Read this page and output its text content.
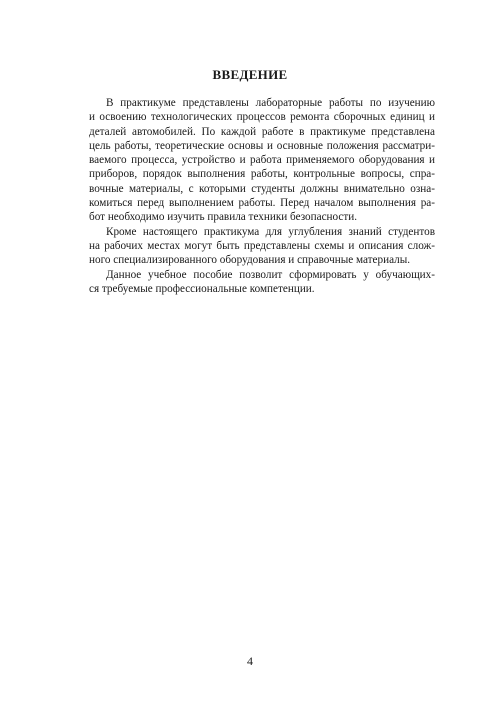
ВВЕДЕНИЕ
В практикуме представлены лабораторные работы по изучению
и освоению технологических процессов ремонта сборочных единиц и
деталей автомобилей. По каждой работе в практикуме представлена
цель работы, теоретические основы и основные положения рассматри-
ваемого процесса, устройство и работа применяемого оборудования и
приборов, порядок выполнения работы, контрольные вопросы, спра-
вочные материалы, с которыми студенты должны внимательно озна-
комиться перед выполнением работы. Перед началом выполнения ра-
бот необходимо изучить правила техники безопасности.
Кроме настоящего практикума для углубления знаний студентов
на рабочих местах могут быть представлены схемы и описания слож-
ного специализированного оборудования и справочные материалы.
Данное учебное пособие позволит сформировать у обучающих-
ся требуемые профессиональные компетенции.
4
